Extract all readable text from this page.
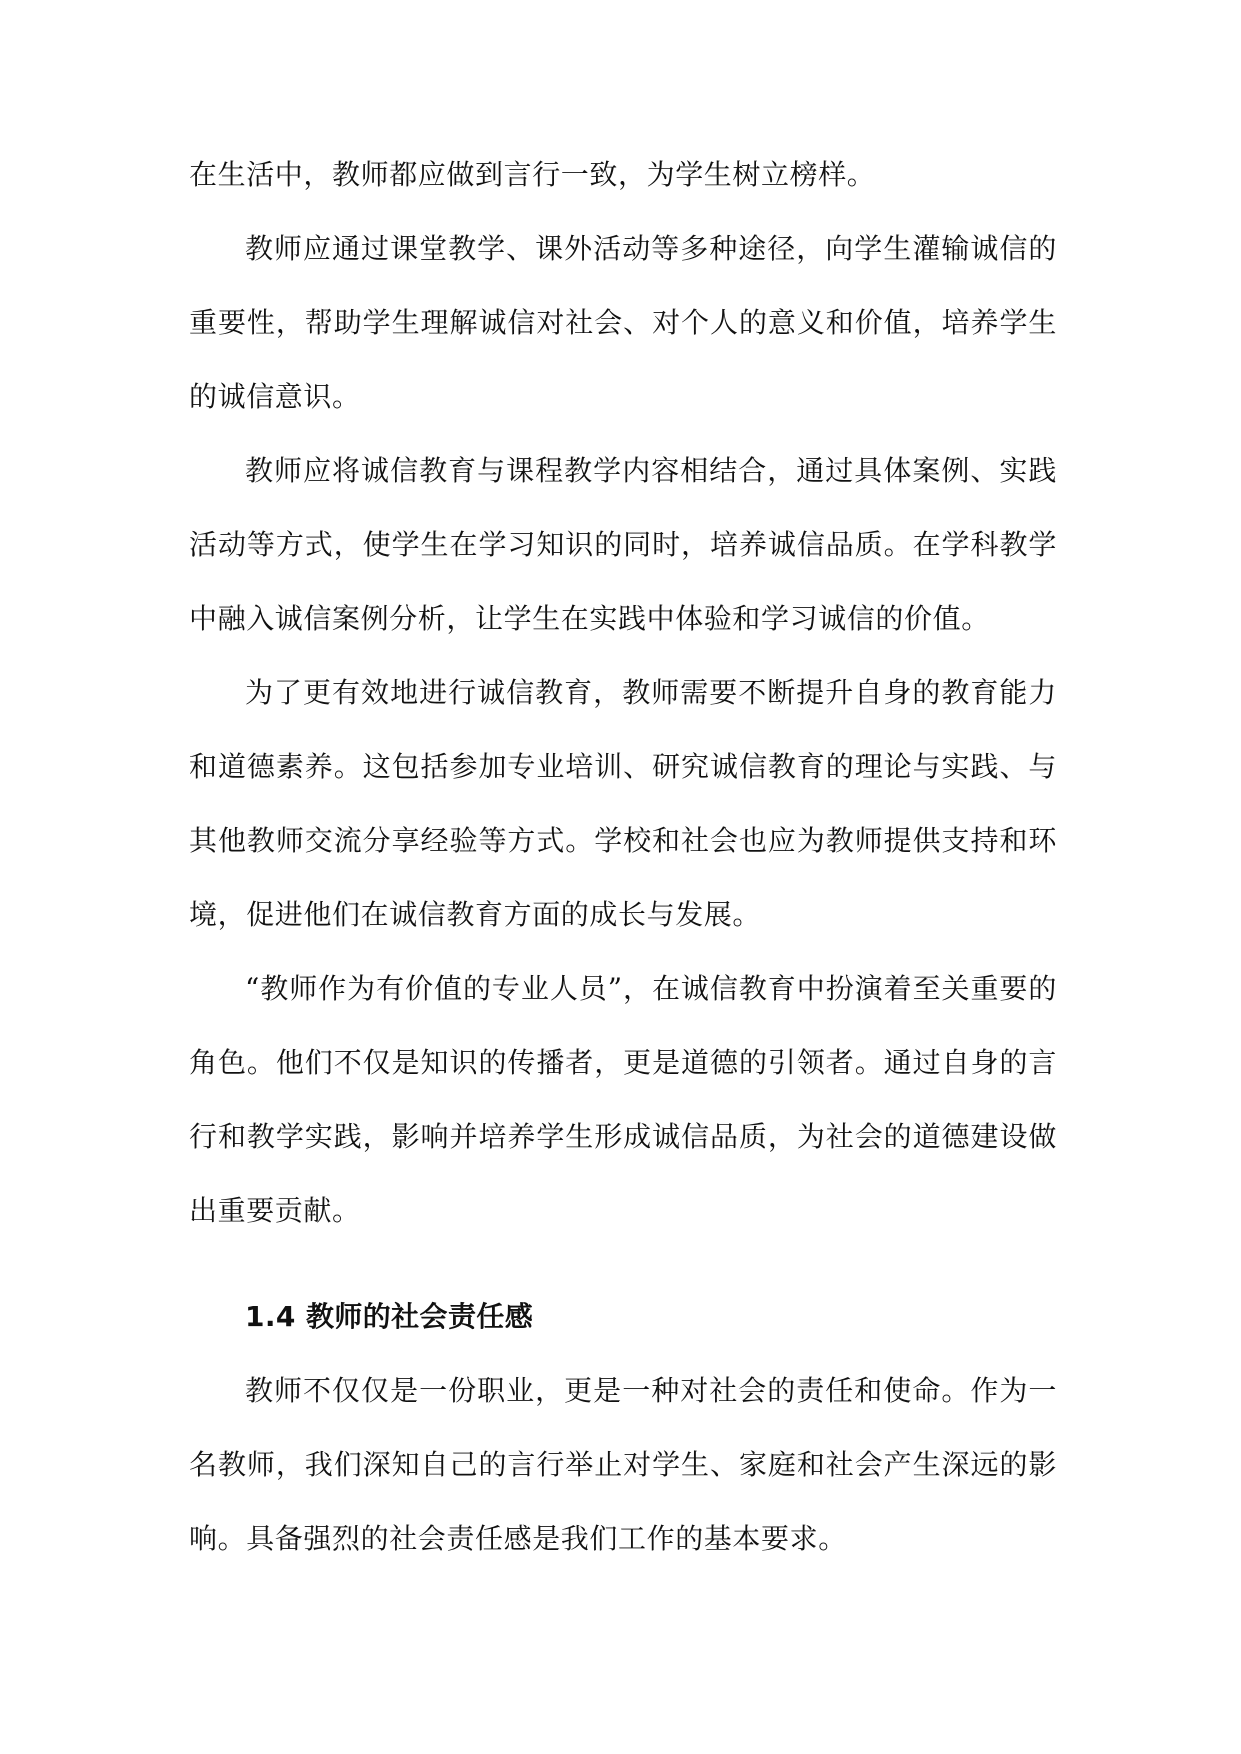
在生活中，教师都应做到言行一致，为学生树立榜样。

教师应通过课堂教学、课外活动等多种途径，向学生灌输诚信的重要性，帮助学生理解诚信对社会、对个人的意义和价值，培养学生的诚信意识。

教师应将诚信教育与课程教学内容相结合，通过具体案例、实践活动等方式，使学生在学习知识的同时，培养诚信品质。在学科教学中融入诚信案例分析，让学生在实践中体验和学习诚信的价值。

为了更有效地进行诚信教育，教师需要不断提升自身的教育能力和道德素养。这包括参加专业培训、研究诚信教育的理论与实践、与其他教师交流分享经验等方式。学校和社会也应为教师提供支持和环境，促进他们在诚信教育方面的成长与发展。

“教师作为有价值的专业人员”，在诚信教育中扮演着至关重要的角色。他们不仅是知识的传播者，更是道德的引领者。通过自身的言行和教学实践，影响并培养学生形成诚信品质，为社会的道德建设做出重要贡献。

1.4 教师的社会责任感

教师不仅仅是一份职业，更是一种对社会的责任和使命。作为一名教师，我们深知自己的言行举止对学生、家庭和社会产生深远的影响。具备强烈的社会责任感是我们工作的基本要求。
